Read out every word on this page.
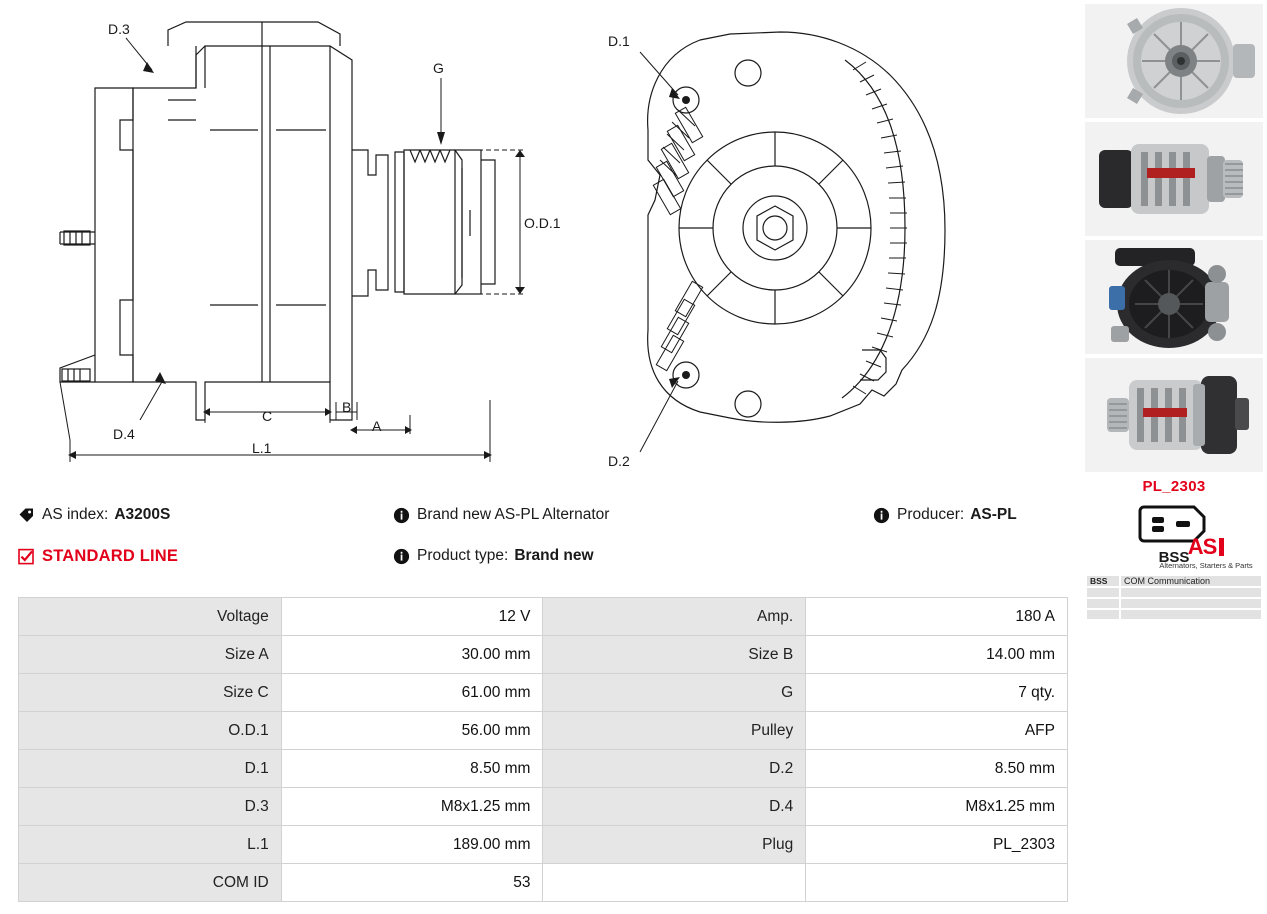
D.3
D.4
G
O.D.1
C
B
A
L.1
D.1
D.2
PL_2303
BSS
BSS	COM Communication

AS index: A3200S	Brand new AS-PL Alternator	Producer: AS-PL
STANDARD LINE	Product type: Brand new	AS
Alternators, Starters & Parts
Voltage	12 V	Amp.	180 A
Size A	30.00 mm	Size B	14.00 mm
Size C	61.00 mm	G	7 qty.
O.D.1	56.00 mm	Pulley	AFP
D.1	8.50 mm	D.2	8.50 mm
D.3	M8x1.25 mm	D.4	M8x1.25 mm
L.1	189.00 mm	Plug	PL_2303
COM ID	53		
